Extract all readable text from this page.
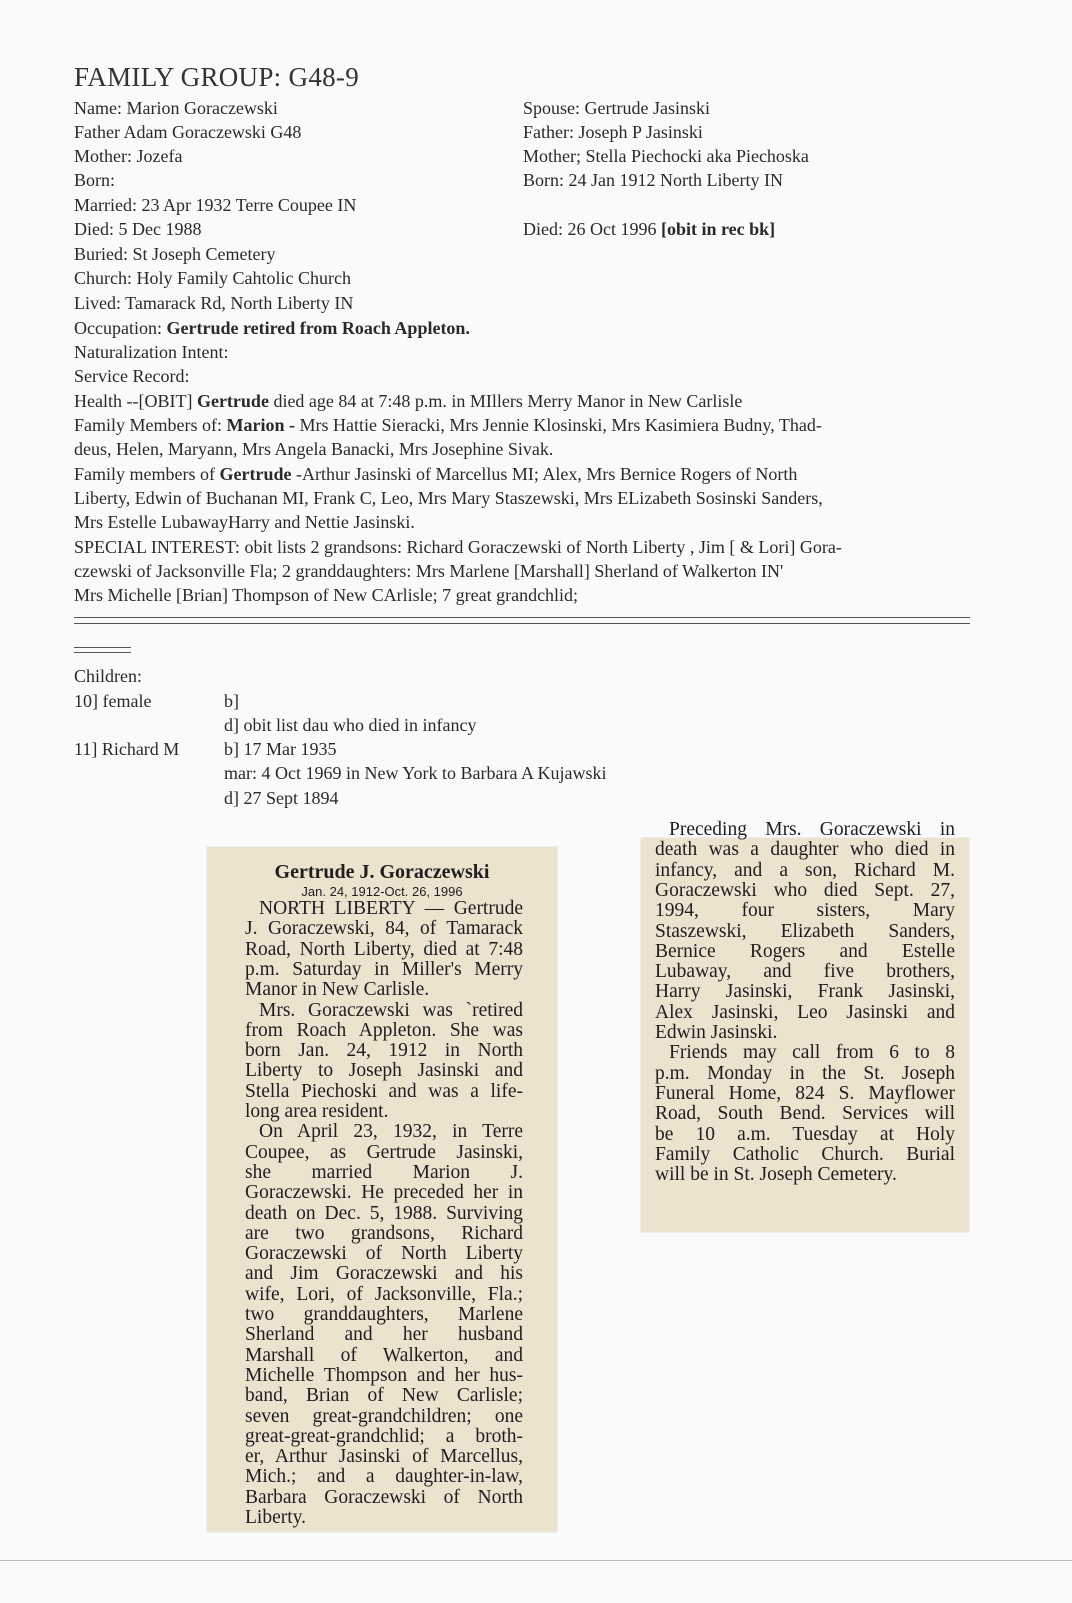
FAMILY GROUP: G48-9
Name: Marion Goraczewski
Father Adam Goraczewski G48
Mother: Jozefa
Born:
Married: 23 Apr 1932 Terre Coupee IN
Died: 5 Dec 1988
Buried: St Joseph Cemetery
Church: Holy Family Cahtolic Church
Lived: Tamarack Rd, North Liberty IN
Occupation: Gertrude retired from Roach Appleton.
Naturalization Intent:
Service Record:
Spouse: Gertrude Jasinski
Father: Joseph P Jasinski
Mother; Stella Piechocki aka Piechoska
Born: 24 Jan 1912 North Liberty IN
Died: 26 Oct 1996 [obit in rec bk]
Health --[OBIT] Gertrude died age 84 at 7:48 p.m. in MIllers Merry Manor in New Carlisle
Family Members of: Marion - Mrs Hattie Sieracki, Mrs Jennie Klosinski, Mrs Kasimiera Budny, Thad-
deus, Helen, Maryann, Mrs Angela Banacki, Mrs Josephine Sivak.
Family members of Gertrude -Arthur Jasinski of Marcellus MI; Alex, Mrs Bernice Rogers of North
Liberty, Edwin of Buchanan MI, Frank C, Leo, Mrs Mary Staszewski, Mrs ELizabeth Sosinski Sanders,
Mrs Estelle LubawayHarry and Nettie Jasinski.
SPECIAL INTEREST: obit lists 2 grandsons: Richard Goraczewski of North Liberty , Jim [ & Lori] Gora-
czewski of Jacksonville Fla; 2 granddaughters: Mrs Marlene [Marshall] Sherland of Walkerton IN'
Mrs Michelle [Brian] Thompson of New CArlisle; 7 great grandchlid;
Children:
10] female	b]
d] obit list dau who died in infancy
11] Richard M b] 17 Mar 1935
mar: 4 Oct 1969 in New York to Barbara A Kujawski
d] 27 Sept 1894
Gertrude J. Goraczewski
Jan. 24, 1912-Oct. 26, 1996
NORTH LIBERTY — Gertrude
J. Goraczewski, 84, of Tamarack
Road, North Liberty, died at 7:48
p.m. Saturday in Miller's Merry
Manor in New Carlisle.
Mrs. Goraczewski was `retired
from Roach Appleton. She was
born Jan. 24, 1912 in North
Liberty to Joseph Jasinski and
Stella Piechoski and was a life-
long area resident.
On April 23, 1932, in Terre
Coupee, as Gertrude Jasinski,
she married Marion J.
Goraczewski. He preceded her in
death on Dec. 5, 1988. Surviving
are two grandsons, Richard
Goraczewski of North Liberty
and Jim Goraczewski and his
wife, Lori, of Jacksonville, Fla.;
two granddaughters, Marlene
Sherland and her husband
Marshall of Walkerton, and
Michelle Thompson and her hus-
band, Brian of New Carlisle;
seven great-grandchildren; one
great-great-grandchlid; a broth-
er, Arthur Jasinski of Marcellus,
Mich.; and a daughter-in-law,
Barbara Goraczewski of North
Liberty.
Preceding Mrs. Goraczewski in
death was a daughter who died in
infancy, and a son, Richard M.
Goraczewski who died Sept. 27,
1994, four sisters, Mary
Staszewski, Elizabeth Sanders,
Bernice Rogers and Estelle
Lubaway, and five brothers,
Harry Jasinski, Frank Jasinski,
Alex Jasinski, Leo Jasinski and
Edwin Jasinski.
Friends may call from 6 to 8
p.m. Monday in the St. Joseph
Funeral Home, 824 S. Mayflower
Road, South Bend. Services will
be 10 a.m. Tuesday at Holy
Family Catholic Church. Burial
will be in St. Joseph Cemetery.
